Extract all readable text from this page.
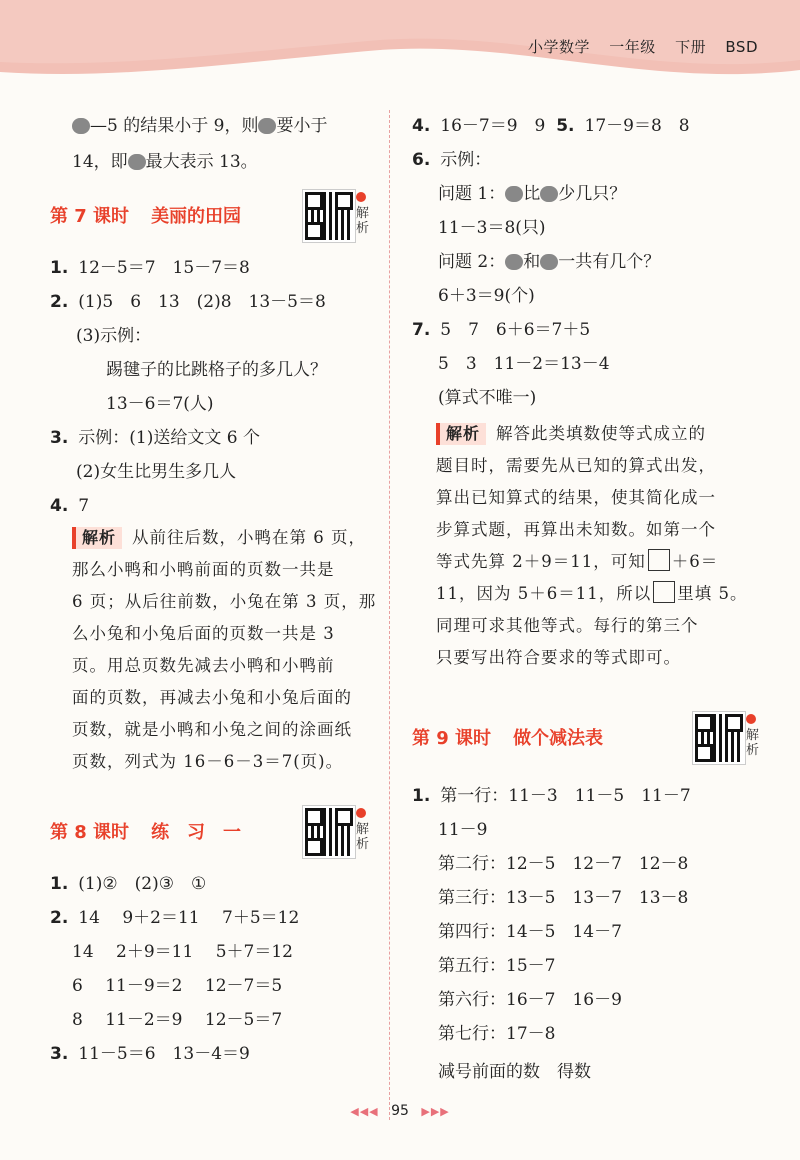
小学数学 一年级 下册 BSD
—5 的结果小于 9，则 要小于
14，即 最大表示 13。
第 7 课时 美丽的田园	解析
1. 12－5＝7　15－7＝8
2. (1)5　6　13　(2)8　13－5＝8
(3)示例：
踢毽子的比跳格子的多几人？
13－6＝7(人)
3. 示例：(1)送给文文 6 个
(2)女生比男生多几人
4. 7
解析 从前往后数，小鸭在第 6 页，
那么小鸭和小鸭前面的页数一共是
6 页；从后往前数，小兔在第 3 页，那
么小兔和小兔后面的页数一共是 3
页。用总页数先减去小鸭和小鸭前
面的页数，再减去小兔和小兔后面的
页数，就是小鸭和小兔之间的涂画纸
页数，列式为 16－6－3＝7(页)。
第 8 课时 练　习　一	解析
1. (1)②　(2)③　①
2. 14　 9＋2＝11　 7＋5＝12
14　 2＋9＝11　 5＋7＝12
6　 11－9＝2　 12－7＝5
8　 11－2＝9　 12－5＝7
3. 11－5＝6　13－4＝9
4. 16－7＝9　9 5. 17－9＝8　8
6. 示例：
问题 1： 比 少几只？
11－3＝8(只)
问题 2： 和 一共有几个？
6＋3＝9(个)
7. 5　7　6＋6＝7＋5
5　3　11－2＝13－4
(算式不唯一)
解析 解答此类填数使等式成立的
题目时，需要先从已知的算式出发，
算出已知算式的结果，使其简化成一
步算式题，再算出未知数。如第一个
等式先算 2＋9＝11，可知 ＋6＝
11，因为 5＋6＝11，所以 里填 5。
同理可求其他等式。每行的第三个
只要写出符合要求的等式即可。
第 9 课时 做个减法表	解析
1. 第一行：11－3　11－5　11－7
11－9
第二行：12－5　12－7　12－8
第三行：13－5　13－7　13－8
第四行：14－5　14－7
第五行：15－7
第六行：16－7　16－9
第七行：17－8
减号前面的数　得数
◀◀◀ 95 ▶▶▶
